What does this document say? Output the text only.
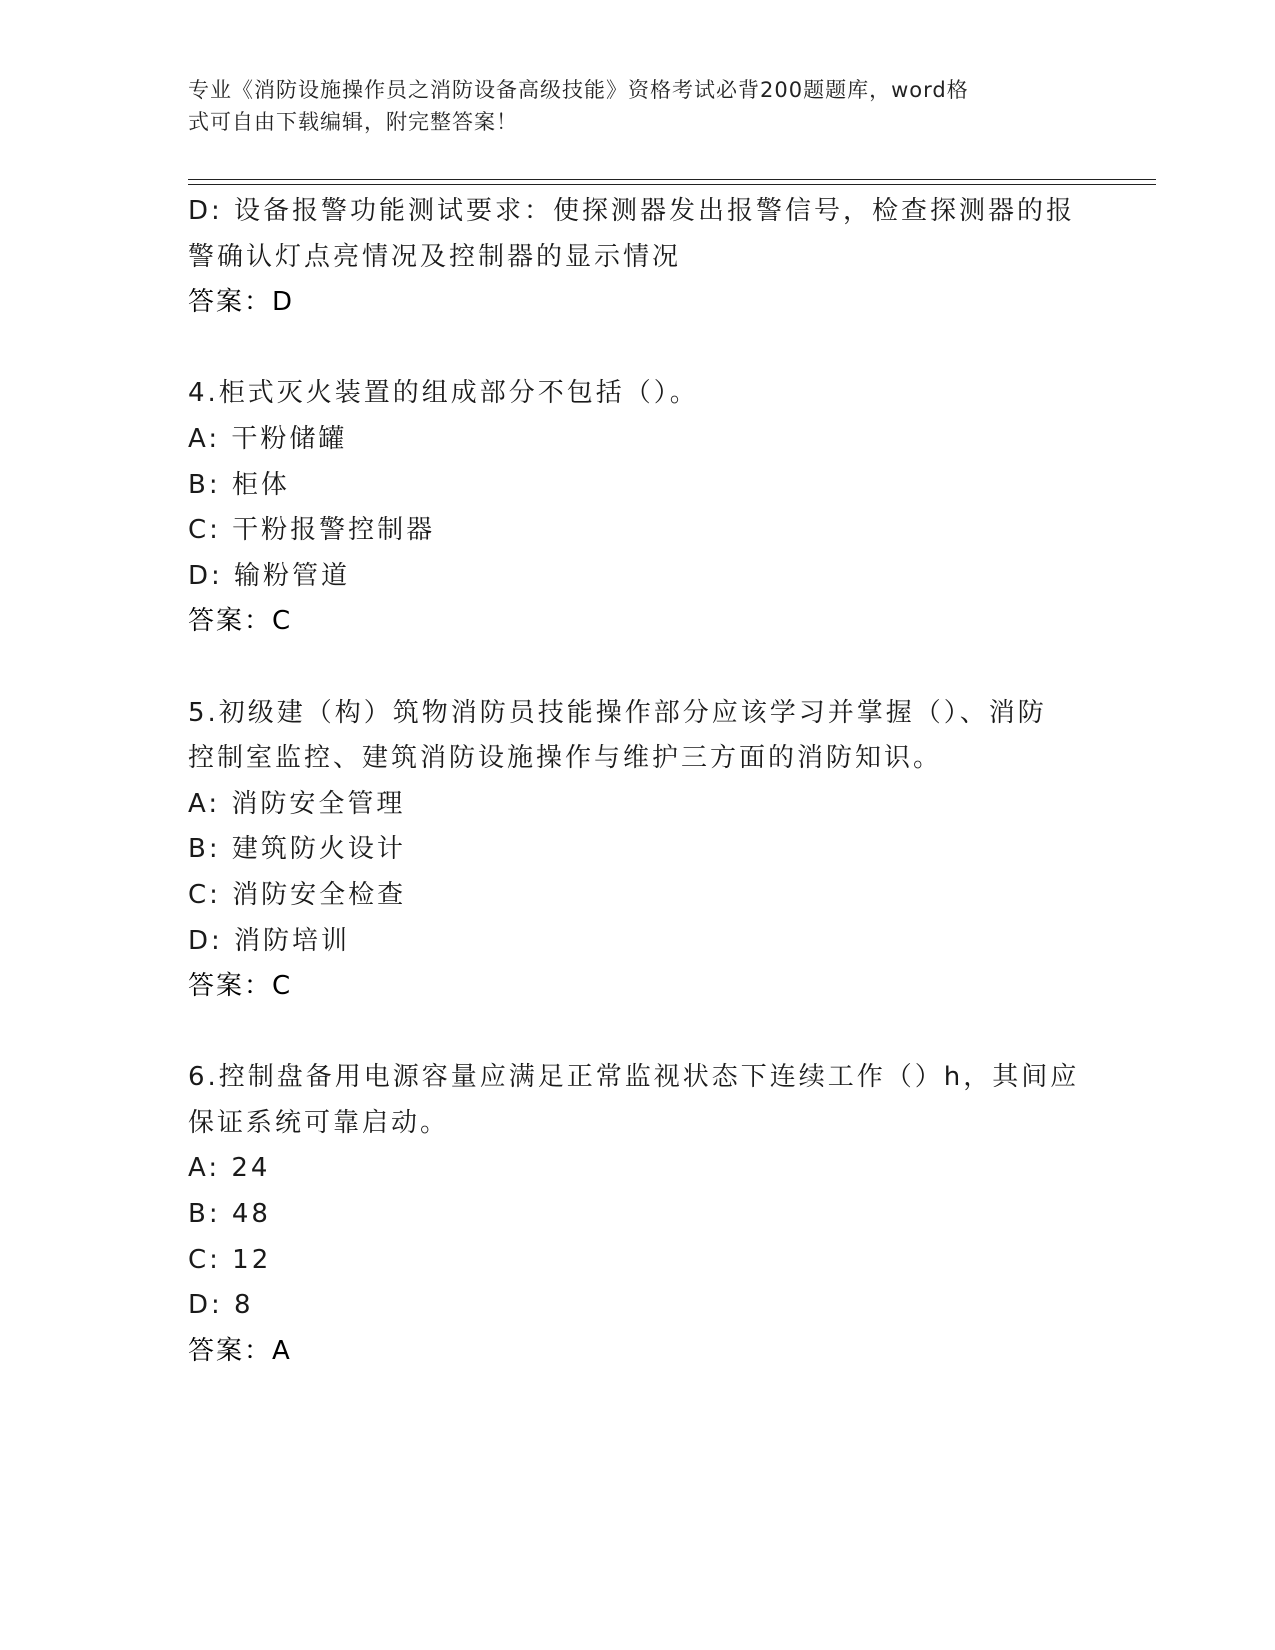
专业《消防设施操作员之消防设备高级技能》资格考试必背200题题库，word格
式可自由下载编辑，附完整答案！
D: 设备报警功能测试要求：使探测器发出报警信号，检查探测器的报
警确认灯点亮情况及控制器的显示情况
答案：D
4.柜式灭火装置的组成部分不包括（）。
A: 干粉储罐
B: 柜体
C: 干粉报警控制器
D: 输粉管道
答案：C
5.初级建（构）筑物消防员技能操作部分应该学习并掌握（）、消防
控制室监控、建筑消防设施操作与维护三方面的消防知识。
A: 消防安全管理
B: 建筑防火设计
C: 消防安全检查
D: 消防培训
答案：C
6.控制盘备用电源容量应满足正常监视状态下连续工作（）h，其间应
保证系统可靠启动。
A: 24
B: 48
C: 12
D: 8
答案：A
